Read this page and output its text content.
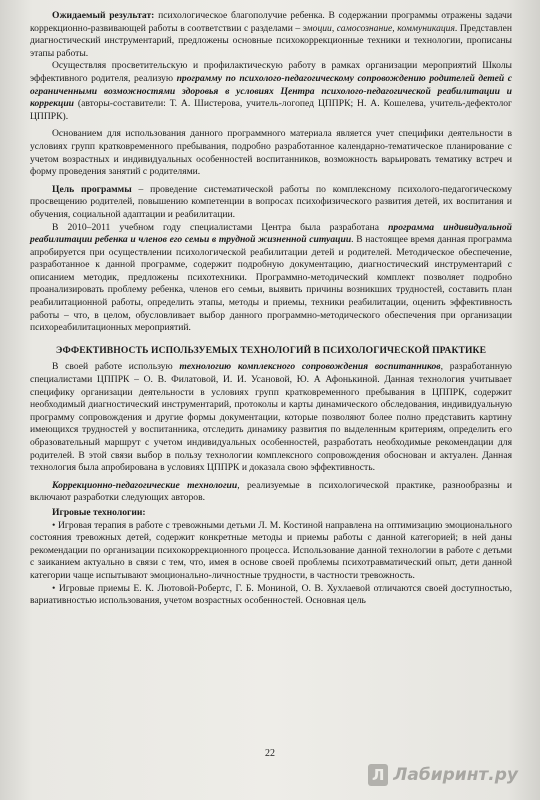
Ожидаемый результат: психологическое благополучие ребенка. В содержании программы отражены задачи коррекционно-развивающей работы в соответствии с разделами – эмоции, самосознание, коммуникация. Представлен диагностический инструментарий, предложены основные психокоррекционные техники и технологии, прописаны этапы работы.

Осуществляя просветительскую и профилактическую работу в рамках организации мероприятий Школы эффективного родителя, реализую программу по психолого-педагогическому сопровождению родителей детей с ограниченными возможностями здоровья в условиях Центра психолого-педагогической реабилитации и коррекции (авторы-составители: Т. А. Шистерова, учитель-логопед ЦППРК; Н. А. Кошелева, учитель-дефектолог ЦППРК).

Основанием для использования данного программного материала является учет специфики деятельности в условиях групп кратковременного пребывания, подробно разработанное календарно-тематическое планирование с учетом возрастных и индивидуальных особенностей воспитанников, возможность варьировать тематику встреч и форму проведения занятий с родителями.

Цель программы – проведение систематической работы по комплексному психолого-педагогическому просвещению родителей, повышению компетенции в вопросах психофизического развития детей, их воспитания и обучения, социальной адаптации и реабилитации.

В 2010–2011 учебном году специалистами Центра была разработана программа индивидуальной реабилитации ребенка и членов его семьи в трудной жизненной ситуации. В настоящее время данная программа апробируется при осуществлении психологической реабилитации детей и родителей. Методическое обеспечение, разработанное к данной программе, содержит подробную документацию, диагностический инструментарий с описанием методик, предложены психотехники. Программно-методический комплект позволяет подробно проанализировать проблему ребенка, членов его семьи, выявить причины возникших трудностей, составить план реабилитационной работы, определить этапы, методы и приемы, техники реабилитации, оценить эффективность работы – что, в целом, обусловливает выбор данного программно-методического обеспечения при организации психореабилитационных мероприятий.

ЭФФЕКТИВНОСТЬ ИСПОЛЬЗУЕМЫХ ТЕХНОЛОГИЙ В ПСИХОЛОГИЧЕСКОЙ ПРАКТИКЕ

В своей работе использую технологию комплексного сопровождения воспитанников, разработанную специалистами ЦППРК – О. В. Филатовой, И. И. Усановой, Ю. А Афонькиной. Данная технология учитывает специфику организации деятельности в условиях групп кратковременного пребывания в ЦППРК, содержит необходимый диагностический инструментарий, протоколы и карты динамического обследования, индивидуальную программу сопровождения и другие формы документации, которые позволяют более полно представить картину имеющихся трудностей у воспитанника, отследить динамику развития по выделенным критериям, определить его образовательный маршрут с учетом индивидуальных особенностей, разработать необходимые рекомендации для родителей. В этой связи выбор в пользу технологии комплексного сопровождения обоснован и актуален. Данная технология была апробирована в условиях ЦППРК и доказала свою эффективность.

Коррекционно-педагогические технологии, реализуемые в психологической практике, разнообразны и включают разработки следующих авторов.

Игровые технологии:

• Игровая терапия в работе с тревожными детьми Л. М. Костиной направлена на оптимизацию эмоционального состояния тревожных детей, содержит конкретные методы и приемы работы с данной категорией; в ней даны рекомендации по организации психокоррекционного процесса. Использование данной технологии в работе с детьми с заиканием актуально в связи с тем, что, имея в основе своей проблемы психотравматический опыт, дети данной категории чаще испытывают эмоционально-личностные трудности, в частности тревожность.

• Игровые приемы Е. К. Лютовой-Робертс, Г. Б. Мониной, О. В. Хухлаевой отличаются своей доступностью, вариативностью использования, учетом возрастных особенностей. Основная цель

22
Л Лабиринт.ру
